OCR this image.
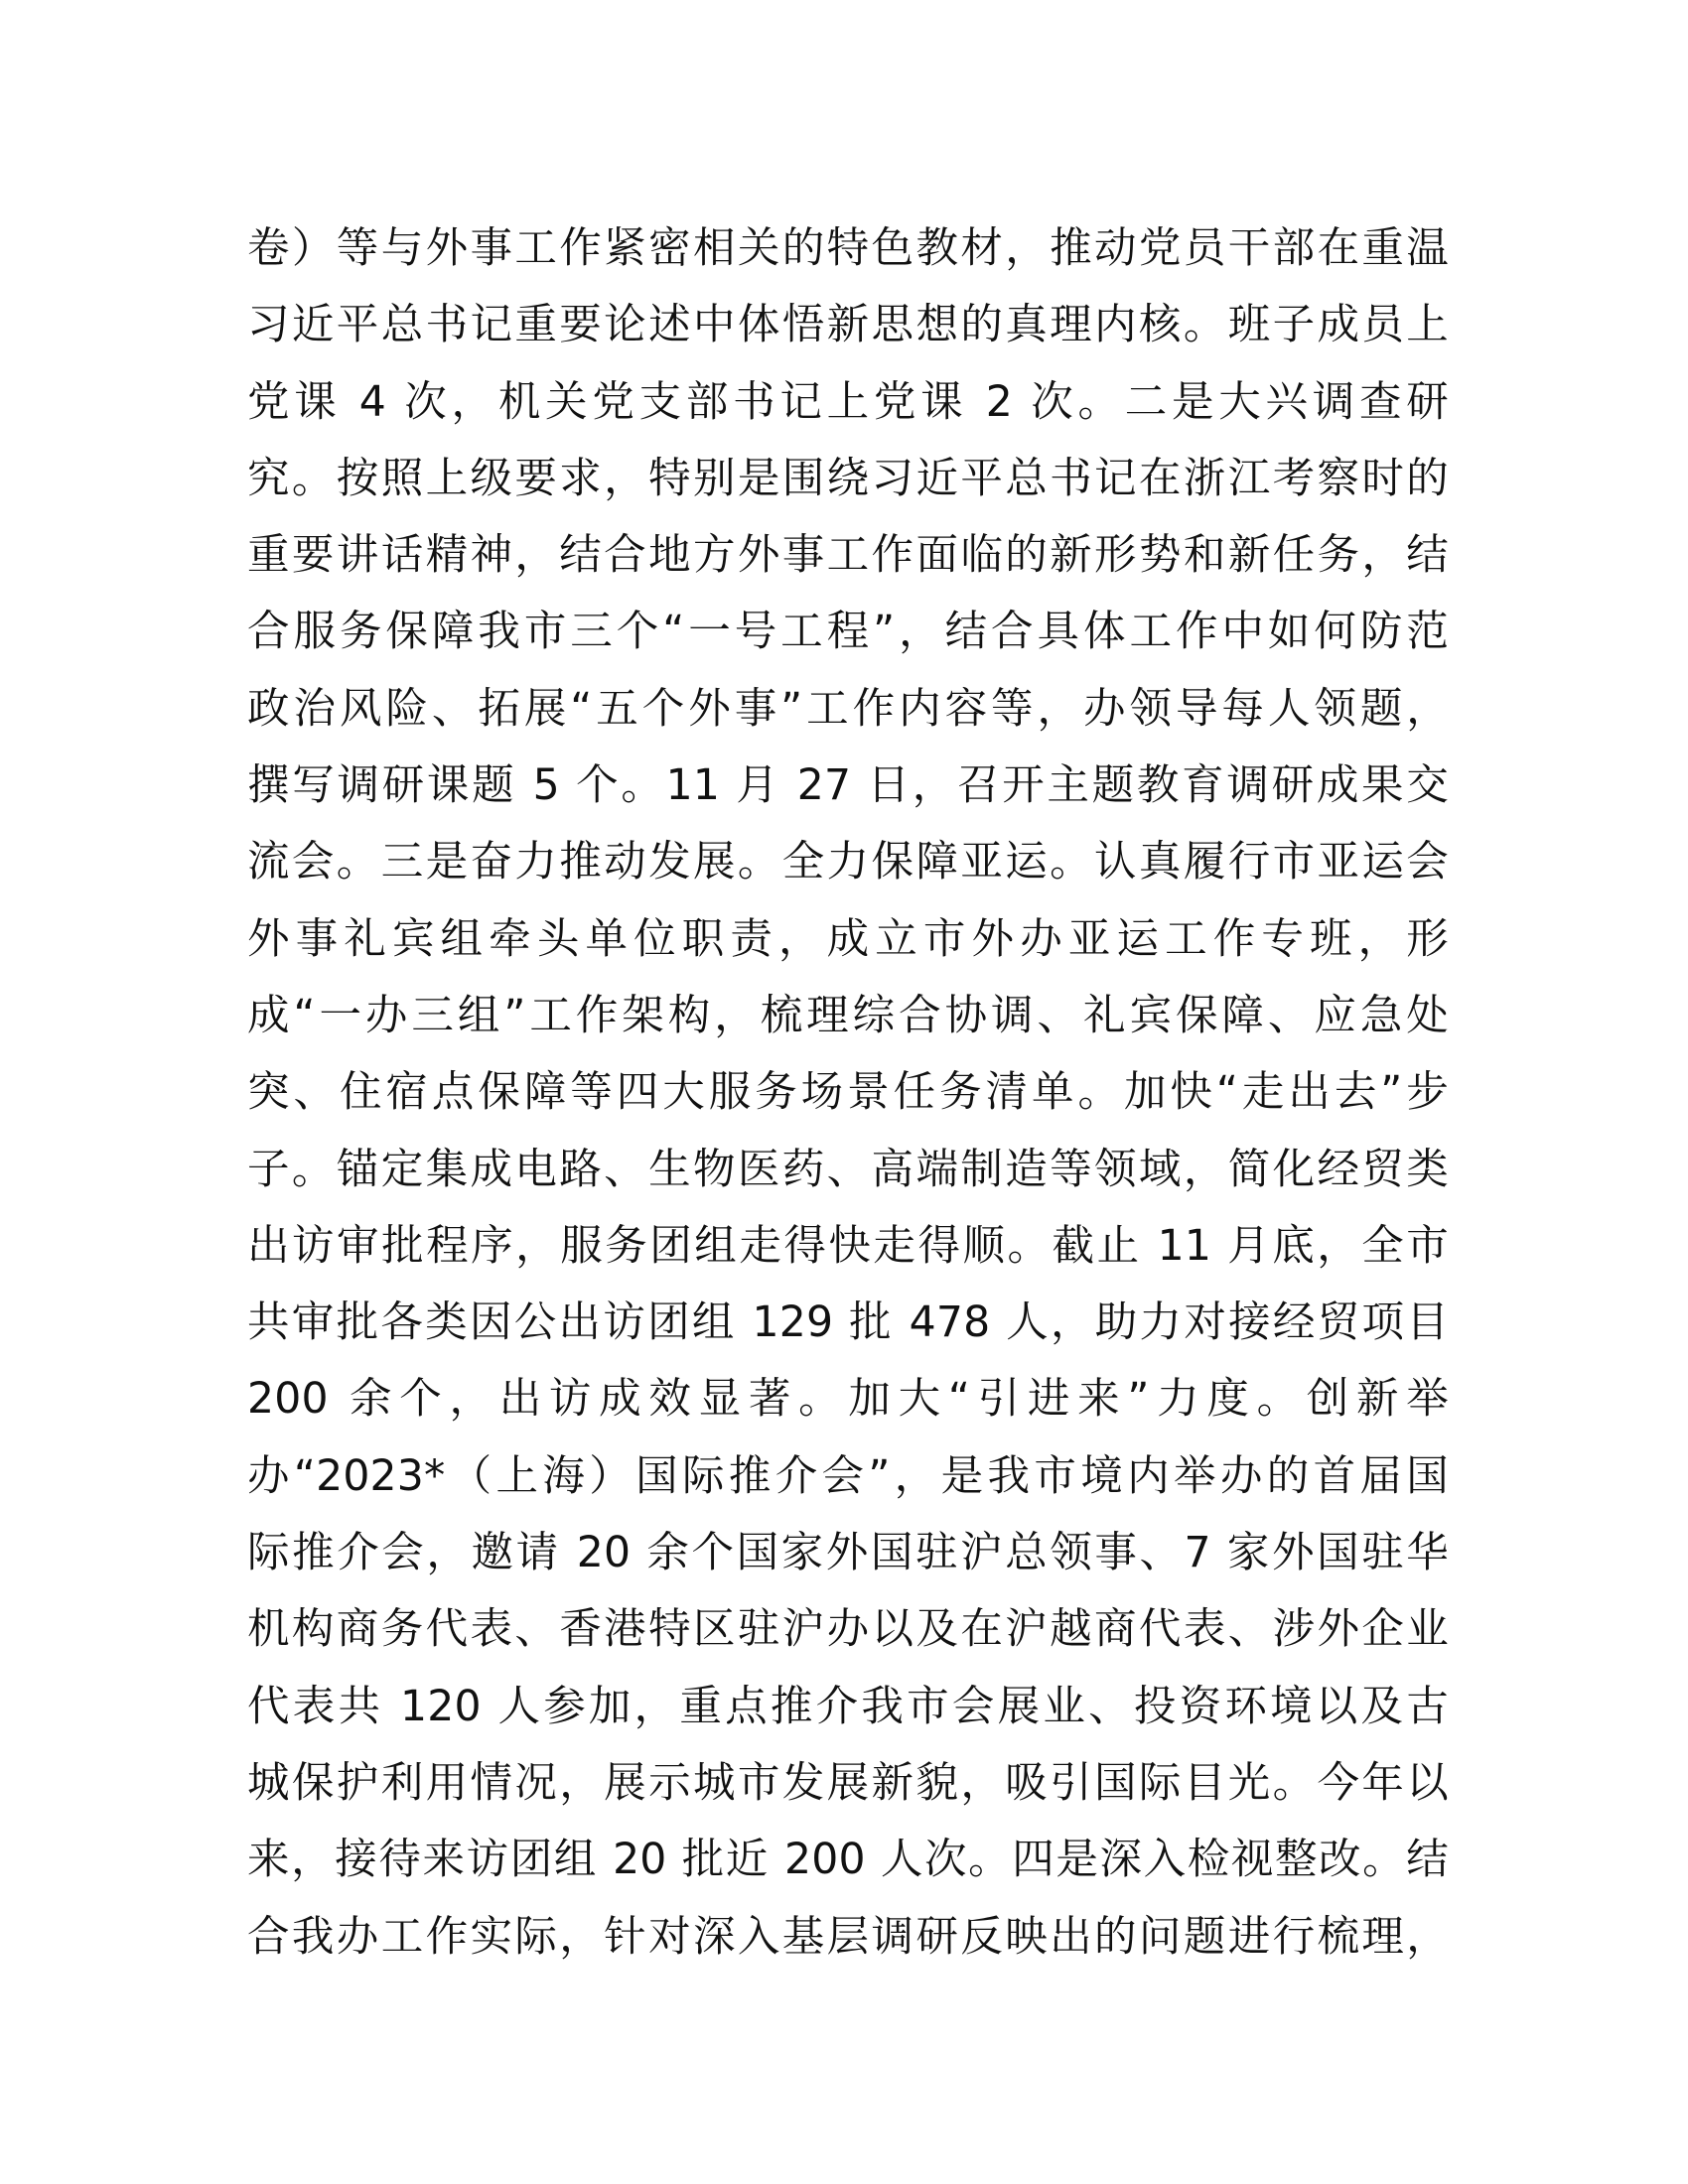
卷）等与外事工作紧密相关的特色教材，推动党员干部在重温
习近平总书记重要论述中体悟新思想的真理内核。班子成员上
党课 4 次，机关党支部书记上党课 2 次。二是大兴调查研
究。按照上级要求，特别是围绕习近平总书记在浙江考察时的
重要讲话精神，结合地方外事工作面临的新形势和新任务，结
合服务保障我市三个“一号工程”，结合具体工作中如何防范
政治风险、拓展“五个外事”工作内容等，办领导每人领题，
撰写调研课题 5 个。11 月 27 日，召开主题教育调研成果交
流会。三是奋力推动发展。全力保障亚运。认真履行市亚运会
外事礼宾组牵头单位职责，成立市外办亚运工作专班，形
成“一办三组”工作架构，梳理综合协调、礼宾保障、应急处
突、住宿点保障等四大服务场景任务清单。加快“走出去”步
子。锚定集成电路、生物医药、高端制造等领域，简化经贸类
出访审批程序，服务团组走得快走得顺。截止 11 月底，全市
共审批各类因公出访团组 129 批 478 人，助力对接经贸项目
200 余个，出访成效显著。加大“引进来”力度。创新举
办“2023*（上海）国际推介会”，是我市境内举办的首届国
际推介会，邀请 20 余个国家外国驻沪总领事、7 家外国驻华
机构商务代表、香港特区驻沪办以及在沪越商代表、涉外企业
代表共 120 人参加，重点推介我市会展业、投资环境以及古
城保护利用情况，展示城市发展新貌，吸引国际目光。今年以
来，接待来访团组 20 批近 200 人次。四是深入检视整改。结
合我办工作实际，针对深入基层调研反映出的问题进行梳理，
